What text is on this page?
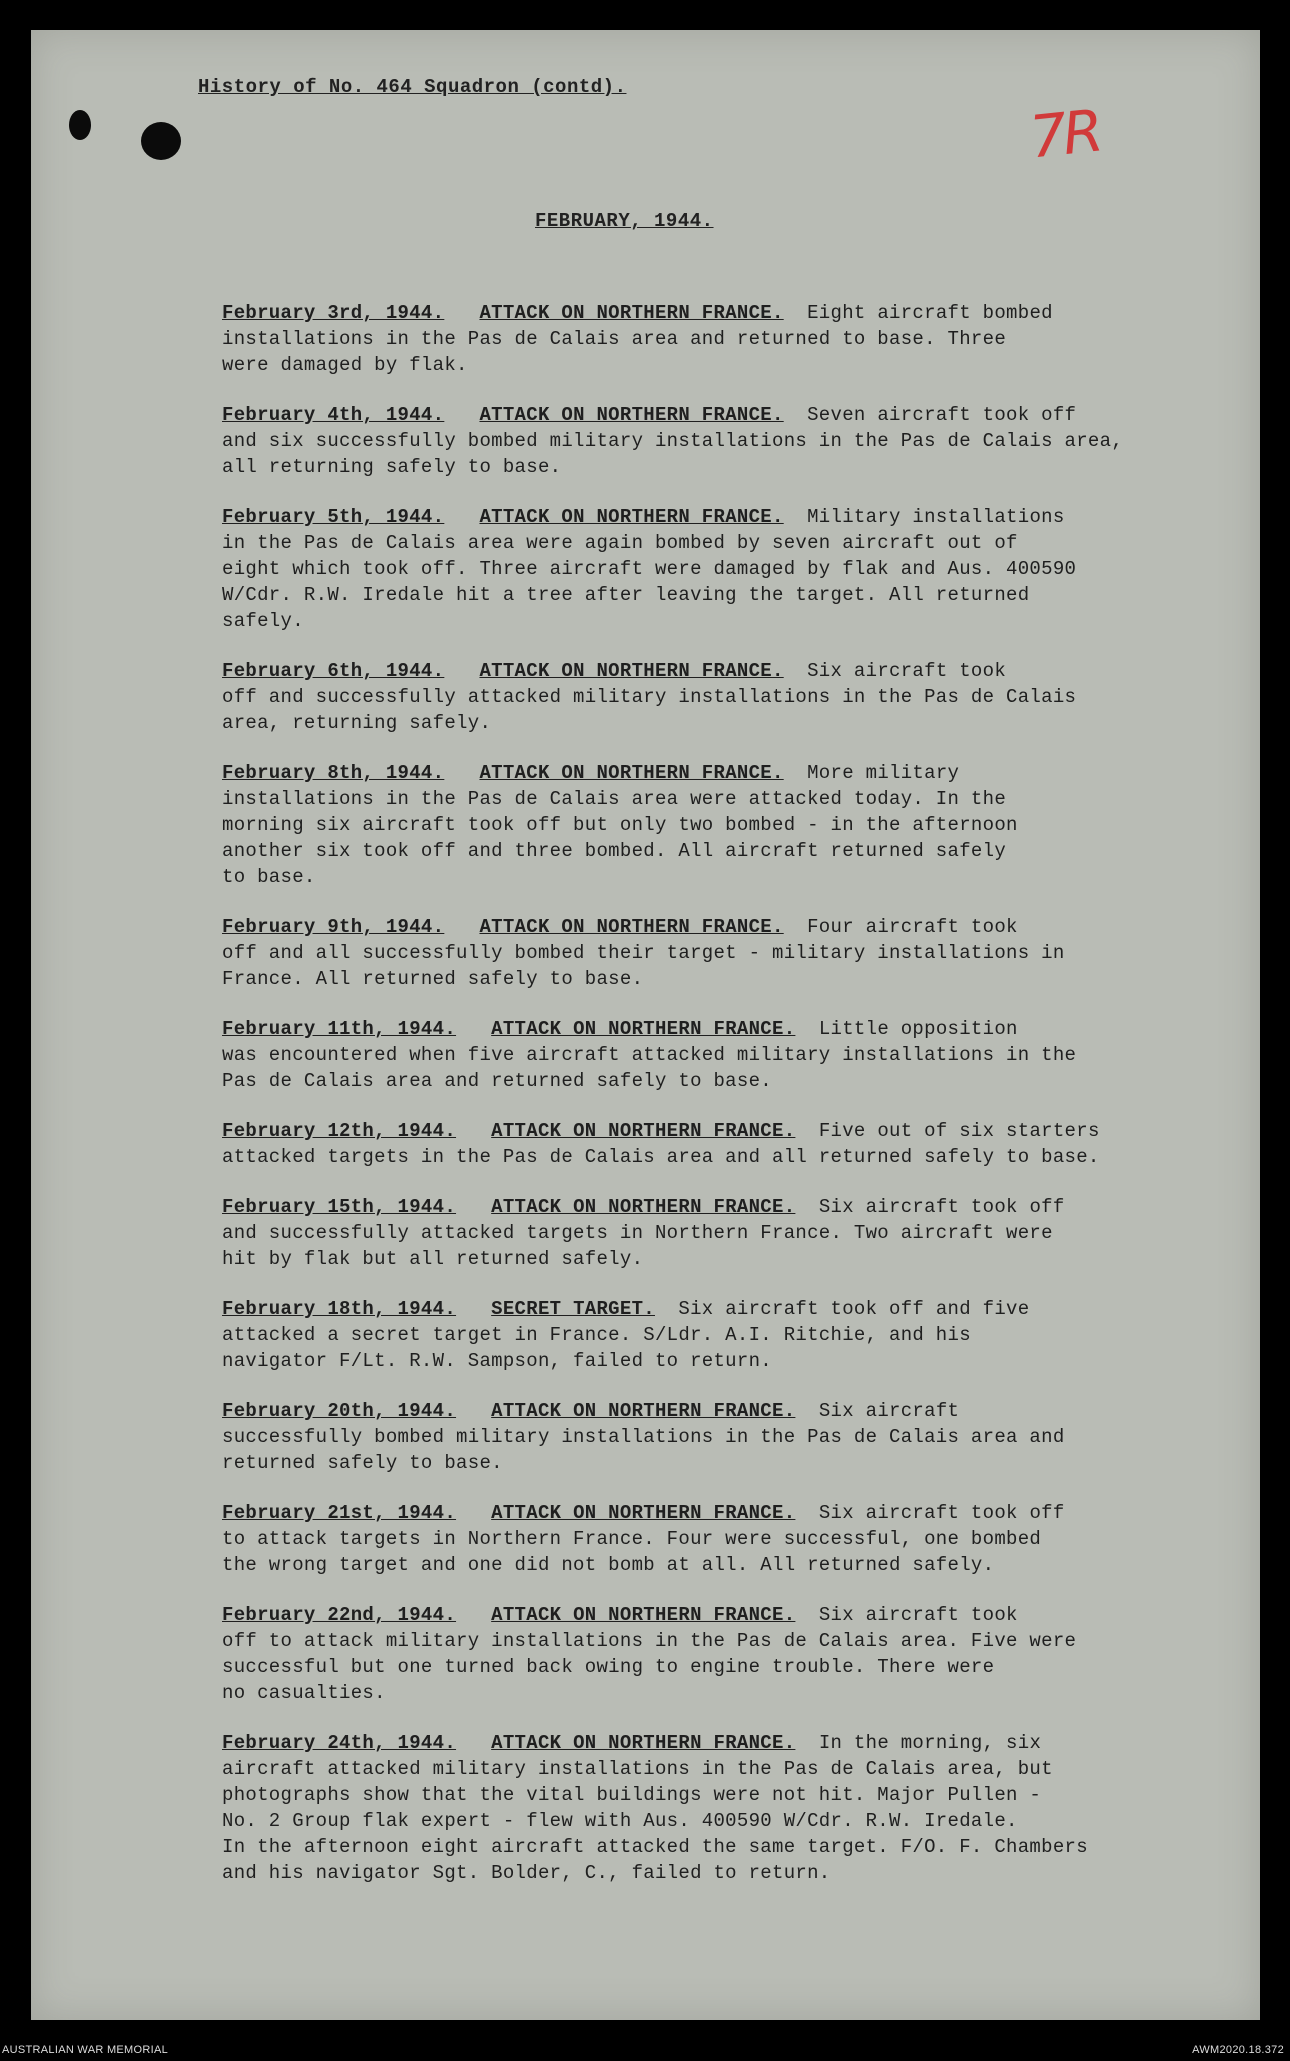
History of No. 464 Squadron (contd).
7R
FEBRUARY, 1944.
February 3rd, 1944. ATTACK ON NORTHERN FRANCE. Eight aircraft bombed
installations in the Pas de Calais area and returned to base. Three
were damaged by flak.
February 4th, 1944. ATTACK ON NORTHERN FRANCE. Seven aircraft took off
and six successfully bombed military installations in the Pas de Calais area,
all returning safely to base.
February 5th, 1944. ATTACK ON NORTHERN FRANCE. Military installations
in the Pas de Calais area were again bombed by seven aircraft out of
eight which took off. Three aircraft were damaged by flak and Aus. 400590
W/Cdr. R.W. Iredale hit a tree after leaving the target. All returned
safely.
February 6th, 1944. ATTACK ON NORTHERN FRANCE. Six aircraft took
off and successfully attacked military installations in the Pas de Calais
area, returning safely.
February 8th, 1944. ATTACK ON NORTHERN FRANCE. More military
installations in the Pas de Calais area were attacked today. In the
morning six aircraft took off but only two bombed - in the afternoon
another six took off and three bombed. All aircraft returned safely
to base.
February 9th, 1944. ATTACK ON NORTHERN FRANCE. Four aircraft took
off and all successfully bombed their target - military installations in
France. All returned safely to base.
February 11th, 1944. ATTACK ON NORTHERN FRANCE. Little opposition
was encountered when five aircraft attacked military installations in the
Pas de Calais area and returned safely to base.
February 12th, 1944. ATTACK ON NORTHERN FRANCE. Five out of six starters
attacked targets in the Pas de Calais area and all returned safely to base.
February 15th, 1944. ATTACK ON NORTHERN FRANCE. Six aircraft took off
and successfully attacked targets in Northern France. Two aircraft were
hit by flak but all returned safely.
February 18th, 1944. SECRET TARGET. Six aircraft took off and five
attacked a secret target in France. S/Ldr. A.I. Ritchie, and his
navigator F/Lt. R.W. Sampson, failed to return.
February 20th, 1944. ATTACK ON NORTHERN FRANCE. Six aircraft
successfully bombed military installations in the Pas de Calais area and
returned safely to base.
February 21st, 1944. ATTACK ON NORTHERN FRANCE. Six aircraft took off
to attack targets in Northern France. Four were successful, one bombed
the wrong target and one did not bomb at all. All returned safely.
February 22nd, 1944. ATTACK ON NORTHERN FRANCE. Six aircraft took
off to attack military installations in the Pas de Calais area. Five were
successful but one turned back owing to engine trouble. There were
no casualties.
February 24th, 1944. ATTACK ON NORTHERN FRANCE. In the morning, six
aircraft attacked military installations in the Pas de Calais area, but
photographs show that the vital buildings were not hit. Major Pullen -
No. 2 Group flak expert - flew with Aus. 400590 W/Cdr. R.W. Iredale.
In the afternoon eight aircraft attacked the same target. F/O. F. Chambers
and his navigator Sgt. Bolder, C., failed to return.
AUSTRALIAN WAR MEMORIAL	AWM2020.18.372
